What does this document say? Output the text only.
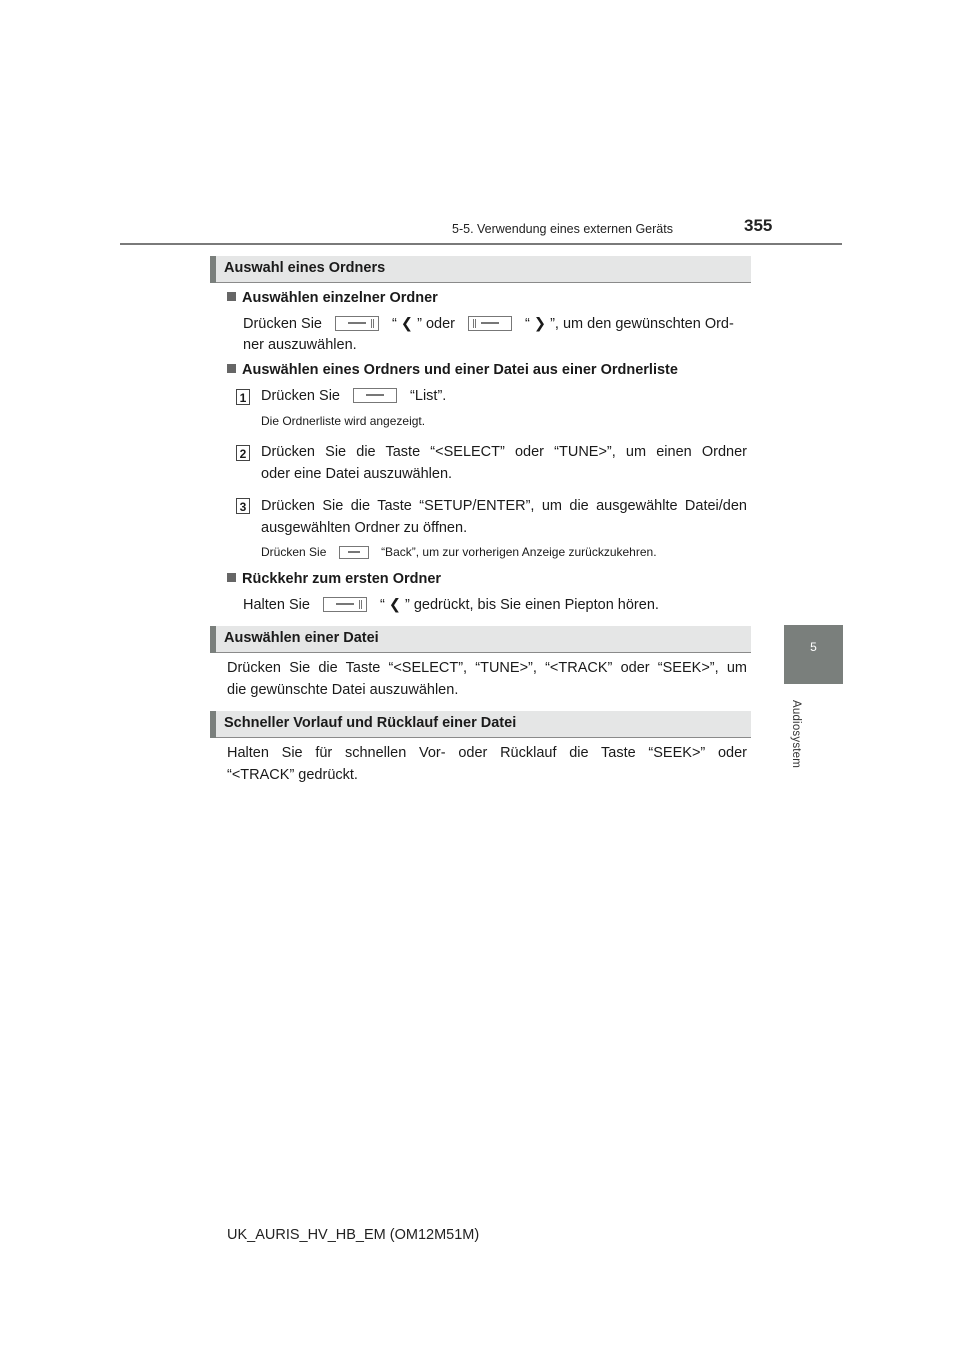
5-5. Verwendung eines externen Geräts	355
5
Audiosystem
Auswahl eines Ordners
Auswählen einzelner Ordner
Drücken Sie	“ ❮ ” oder	“ ❯ ”, um den gewünschten Ord-
ner auszuwählen.
Auswählen eines Ordners und einer Datei aus einer Ordnerliste
1 Drücken Sie	“List”.
Die Ordnerliste wird angezeigt.
2 Drücken Sie die Taste “<SELECT” oder “TUNE>”, um einen Ordner
oder eine Datei auszuwählen.
3 Drücken Sie die Taste “SETUP/ENTER”, um die ausgewählte Datei/den
ausgewählten Ordner zu öffnen.
Drücken Sie	“Back”, um zur vorherigen Anzeige zurückzukehren.
Rückkehr zum ersten Ordner
Halten Sie	“ ❮ ” gedrückt, bis Sie einen Piepton hören.
Auswählen einer Datei
Drücken Sie die Taste “<SELECT”, “TUNE>”, “<TRACK” oder “SEEK>”, um
die gewünschte Datei auszuwählen.
Schneller Vorlauf und Rücklauf einer Datei
Halten Sie für schnellen Vor- oder Rücklauf die Taste “SEEK>” oder
“<TRACK” gedrückt.
UK_AURIS_HV_HB_EM (OM12M51M)
